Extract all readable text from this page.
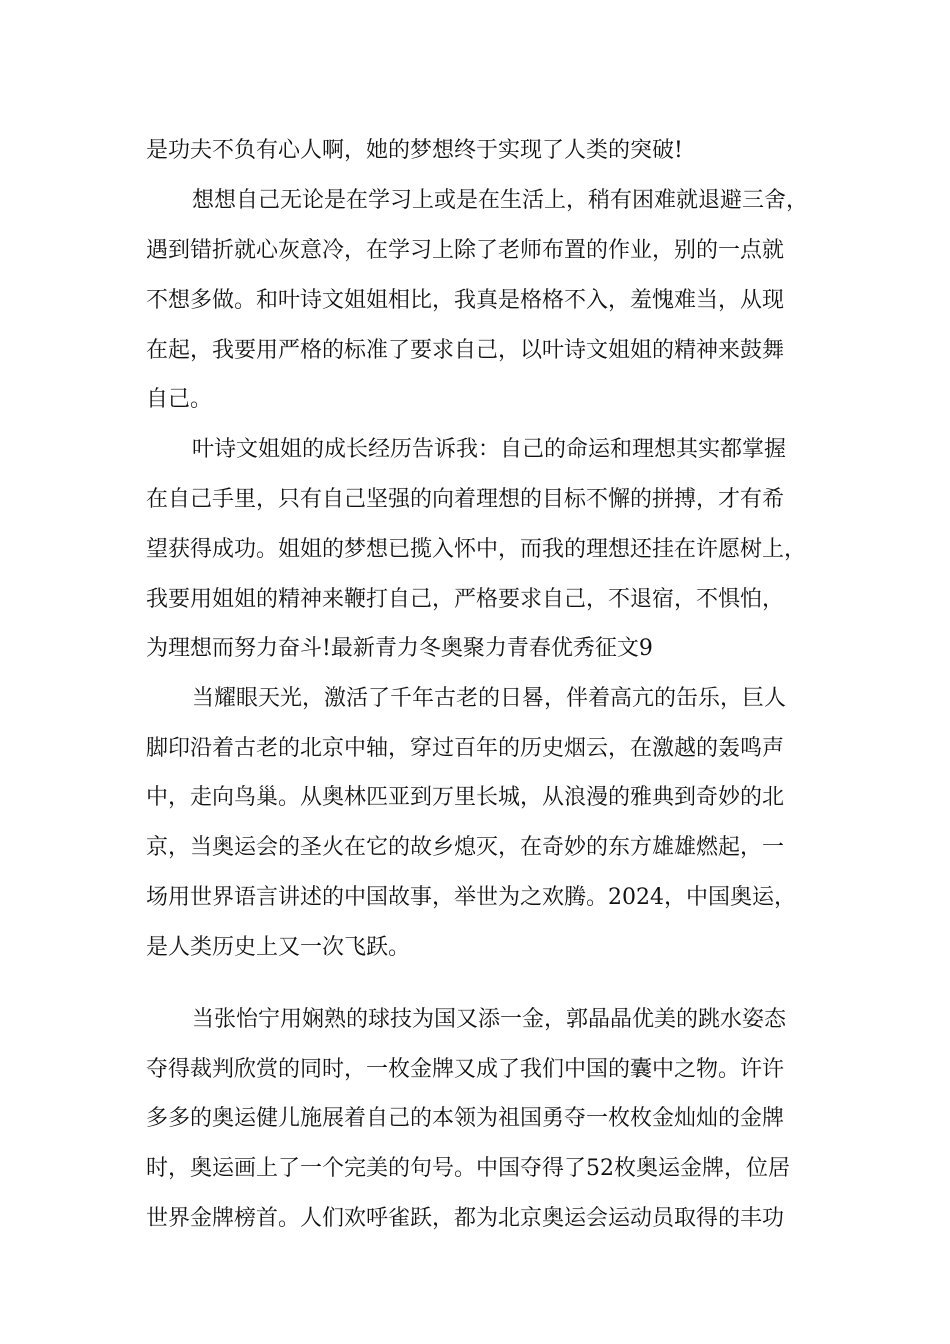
是功夫不负有心人啊，她的梦想终于实现了人类的突破!
想想自己无论是在学习上或是在生活上，稍有困难就退避三舍，
遇到错折就心灰意冷，在学习上除了老师布置的作业，别的一点就
不想多做。和叶诗文姐姐相比，我真是格格不入，羞愧难当，从现
在起，我要用严格的标准了要求自己，以叶诗文姐姐的精神来鼓舞
自己。
叶诗文姐姐的成长经历告诉我：自己的命运和理想其实都掌握
在自己手里，只有自己坚强的向着理想的目标不懈的拼搏，才有希
望获得成功。姐姐的梦想已揽入怀中，而我的理想还挂在许愿树上，
我要用姐姐的精神来鞭打自己，严格要求自己，不退宿，不惧怕，
为理想而努力奋斗!最新青力冬奥聚力青春优秀征文9
当耀眼天光，激活了千年古老的日晷，伴着高亢的缶乐，巨人
脚印沿着古老的北京中轴，穿过百年的历史烟云，在激越的轰鸣声
中，走向鸟巢。从奥林匹亚到万里长城，从浪漫的雅典到奇妙的北
京，当奥运会的圣火在它的故乡熄灭，在奇妙的东方雄雄燃起，一
场用世界语言讲述的中国故事，举世为之欢腾。2024，中国奥运，
是人类历史上又一次飞跃。
当张怡宁用娴熟的球技为国又添一金，郭晶晶优美的跳水姿态
夺得裁判欣赏的同时，一枚金牌又成了我们中国的囊中之物。许许
多多的奥运健儿施展着自己的本领为祖国勇夺一枚枚金灿灿的金牌
时，奥运画上了一个完美的句号。中国夺得了52枚奥运金牌，位居
世界金牌榜首。人们欢呼雀跃，都为北京奥运会运动员取得的丰功
